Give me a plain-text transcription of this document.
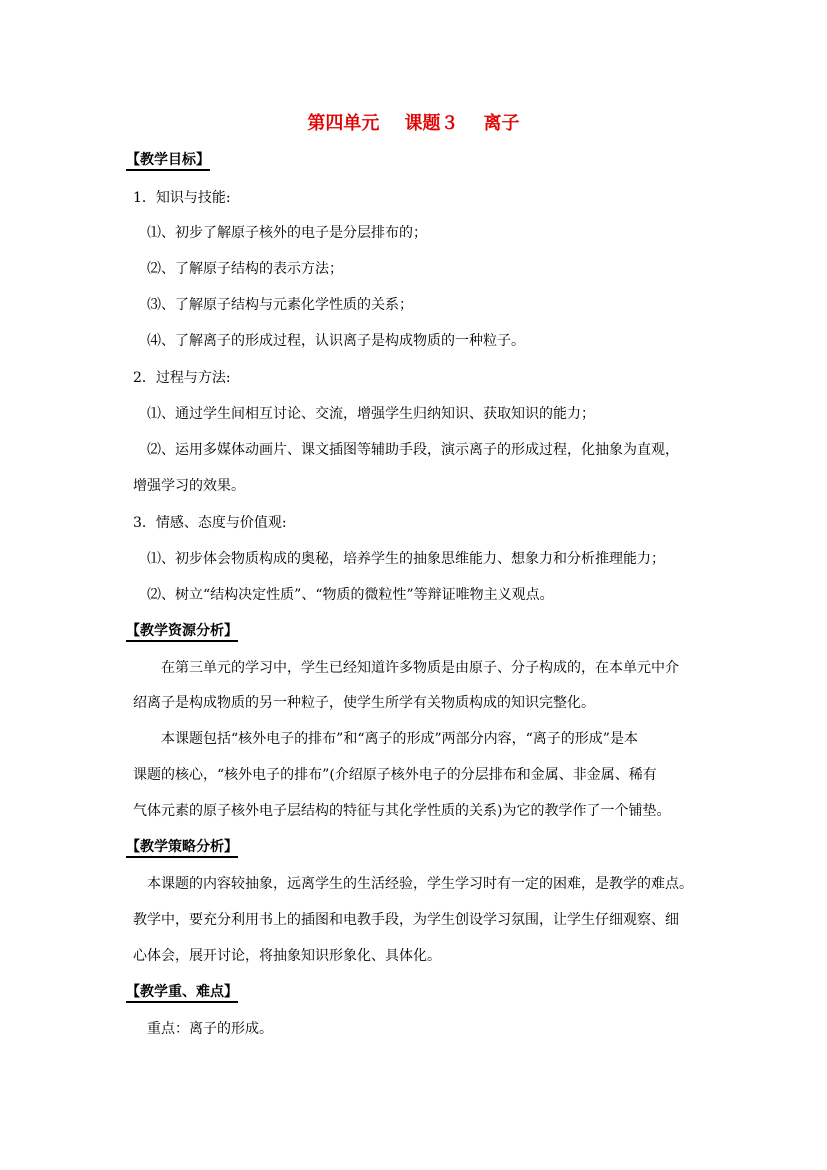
第四单元    课题３    离子
【教学目标】
1．知识与技能:
⑴、初步了解原子核外的电子是分层排布的；
⑵、了解原子结构的表示方法；
⑶、了解原子结构与元素化学性质的关系；
⑷、了解离子的形成过程，认识离子是构成物质的一种粒子。
2．过程与方法:
⑴、通过学生间相互讨论、交流，增强学生归纳知识、获取知识的能力；
⑵、运用多媒体动画片、课文插图等辅助手段，演示离子的形成过程，化抽象为直观，
增强学习的效果。
3．情感、态度与价值观:
⑴、初步体会物质构成的奥秘，培养学生的抽象思维能力、想象力和分析推理能力；
⑵、树立“结构决定性质”、“物质的微粒性”等辩证唯物主义观点。
【教学资源分析】
在第三单元的学习中，学生已经知道许多物质是由原子、分子构成的，在本单元中介
绍离子是构成物质的另一种粒子，使学生所学有关物质构成的知识完整化。
本课题包括“核外电子的排布”和“离子的形成”两部分内容，“离子的形成”是本
课题的核心，“核外电子的排布”(介绍原子核外电子的分层排布和金属、非金属、稀有
气体元素的原子核外电子层结构的特征与其化学性质的关系)为它的教学作了一个铺垫。
【教学策略分析】
本课题的内容较抽象，远离学生的生活经验，学生学习时有一定的困难，是教学的难点。
教学中，要充分利用书上的插图和电教手段，为学生创设学习氛围，让学生仔细观察、细
心体会，展开讨论，将抽象知识形象化、具体化。
【教学重、难点】
重点：离子的形成。
